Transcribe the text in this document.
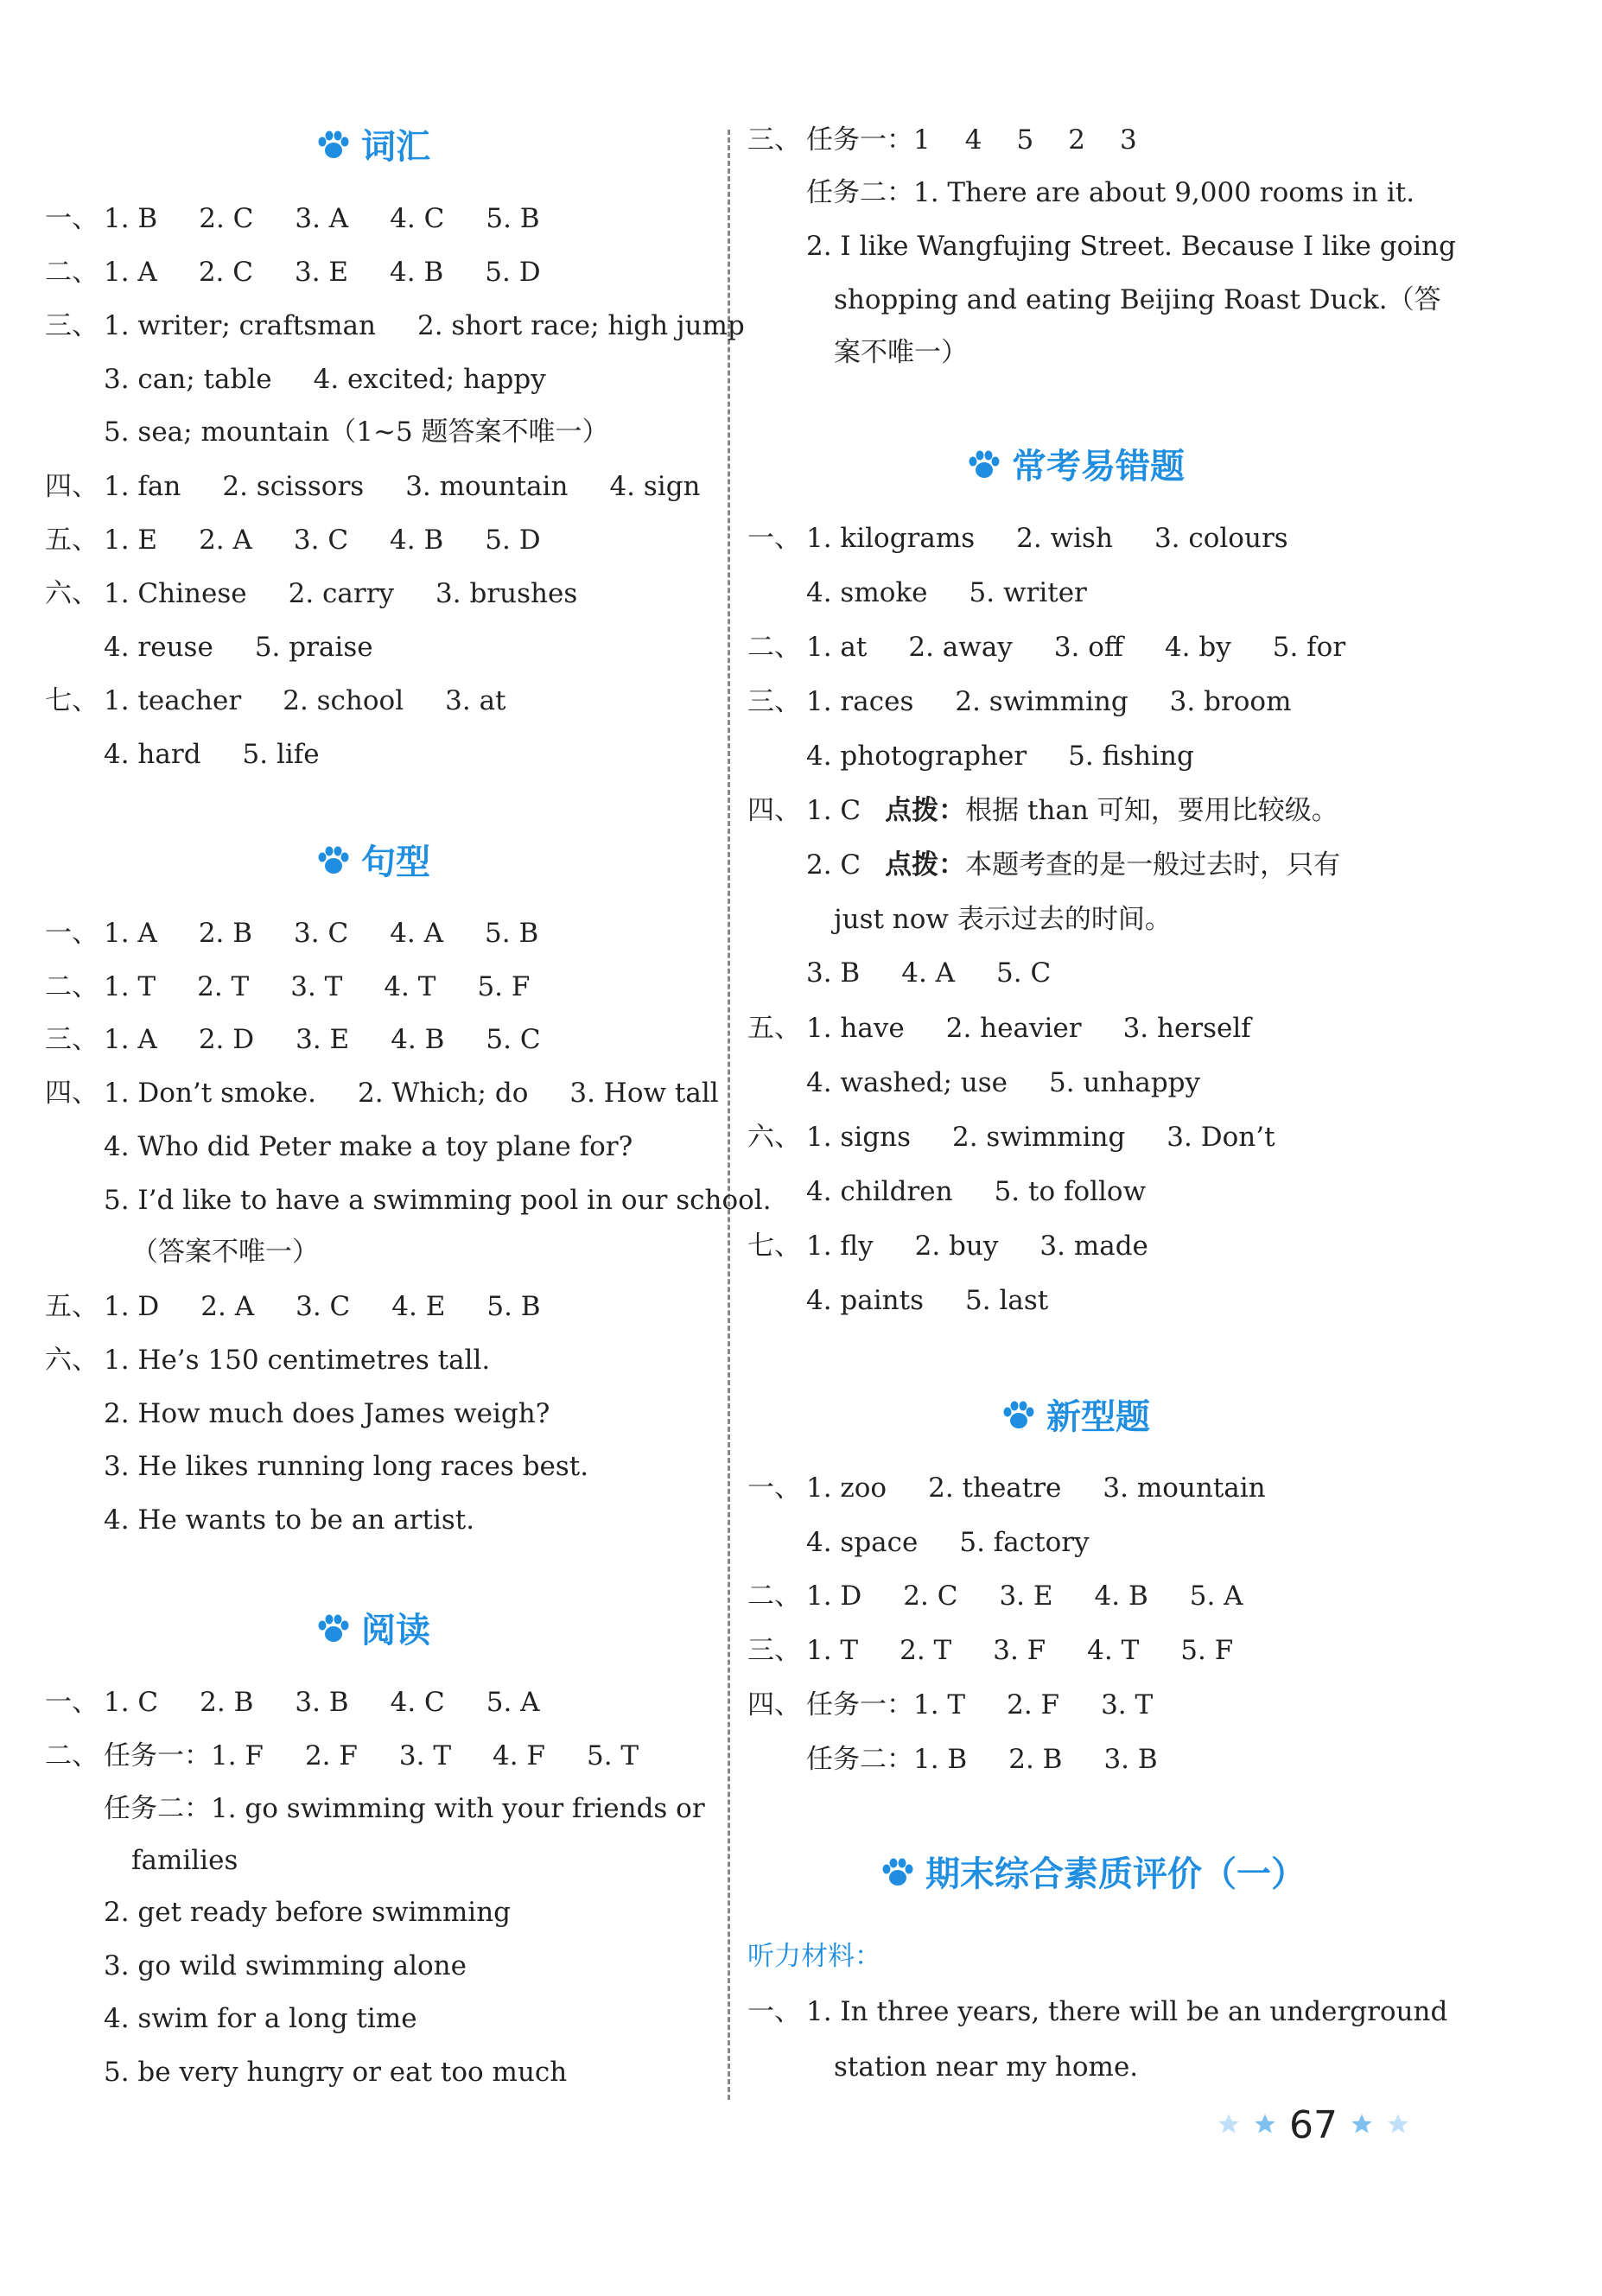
词汇
一、 1. B 2. C 3. A 4. C 5. B
二、 1. A 2. C 3. E 4. B 5. D
三、 1. writer; craftsman 2. short race; high jump
3. can; table 4. excited; happy
5. sea; mountain（1~5 题答案不唯一）
四、 1. fan 2. scissors 3. mountain 4. sign
五、 1. E 2. A 3. C 4. B 5. D
六、 1. Chinese 2. carry 3. brushes
4. reuse 5. praise
七、 1. teacher 2. school 3. at
4. hard 5. life
句型
一、 1. A 2. B 3. C 4. A 5. B
二、 1. T 2. T 3. T 4. T 5. F
三、 1. A 2. D 3. E 4. B 5. C
四、 1. Don’t smoke. 2. Which; do 3. How tall
4. Who did Peter make a toy plane for?
5. I’d like to have a swimming pool in our school.
（答案不唯一）
五、 1. D 2. A 3. C 4. E 5. B
六、 1. He’s 150 centimetres tall.
2. How much does James weigh?
3. He likes running long races best.
4. He wants to be an artist.
阅读
一、 1. C 2. B 3. B 4. C 5. A
二、 任务一：1. F 2. F 3. T 4. F 5. T
任务二：1. go swimming with your friends or
families
2. get ready before swimming
3. go wild swimming alone
4. swim for a long time
5. be very hungry or eat too much
三、 任务一：1 4 5 2 3
任务二：1. There are about 9,000 rooms in it.
2. I like Wangfujing Street. Because I like going
shopping and eating Beijing Roast Duck.（答
案不唯一）
常考易错题
一、 1. kilograms 2. wish 3. colours
4. smoke 5. writer
二、 1. at 2. away 3. off 4. by 5. for
三、 1. races 2. swimming 3. broom
4. photographer 5. fishing
四、 1. C 点拨：根据 than 可知，要用比较级。
2. C 点拨：本题考查的是一般过去时，只有
just now 表示过去的时间。
3. B 4. A 5. C
五、 1. have 2. heavier 3. herself
4. washed; use 5. unhappy
六、 1. signs 2. swimming 3. Don’t
4. children 5. to follow
七、 1. fly 2. buy 3. made
4. paints 5. last
新型题
一、 1. zoo 2. theatre 3. mountain
4. space 5. factory
二、 1. D 2. C 3. E 4. B 5. A
三、 1. T 2. T 3. F 4. T 5. F
四、 任务一：1. T 2. F 3. T
任务二：1. B 2. B 3. B
期末综合素质评价（一）
听力材料：
一、 1. In three years, there will be an underground
station near my home.
67
